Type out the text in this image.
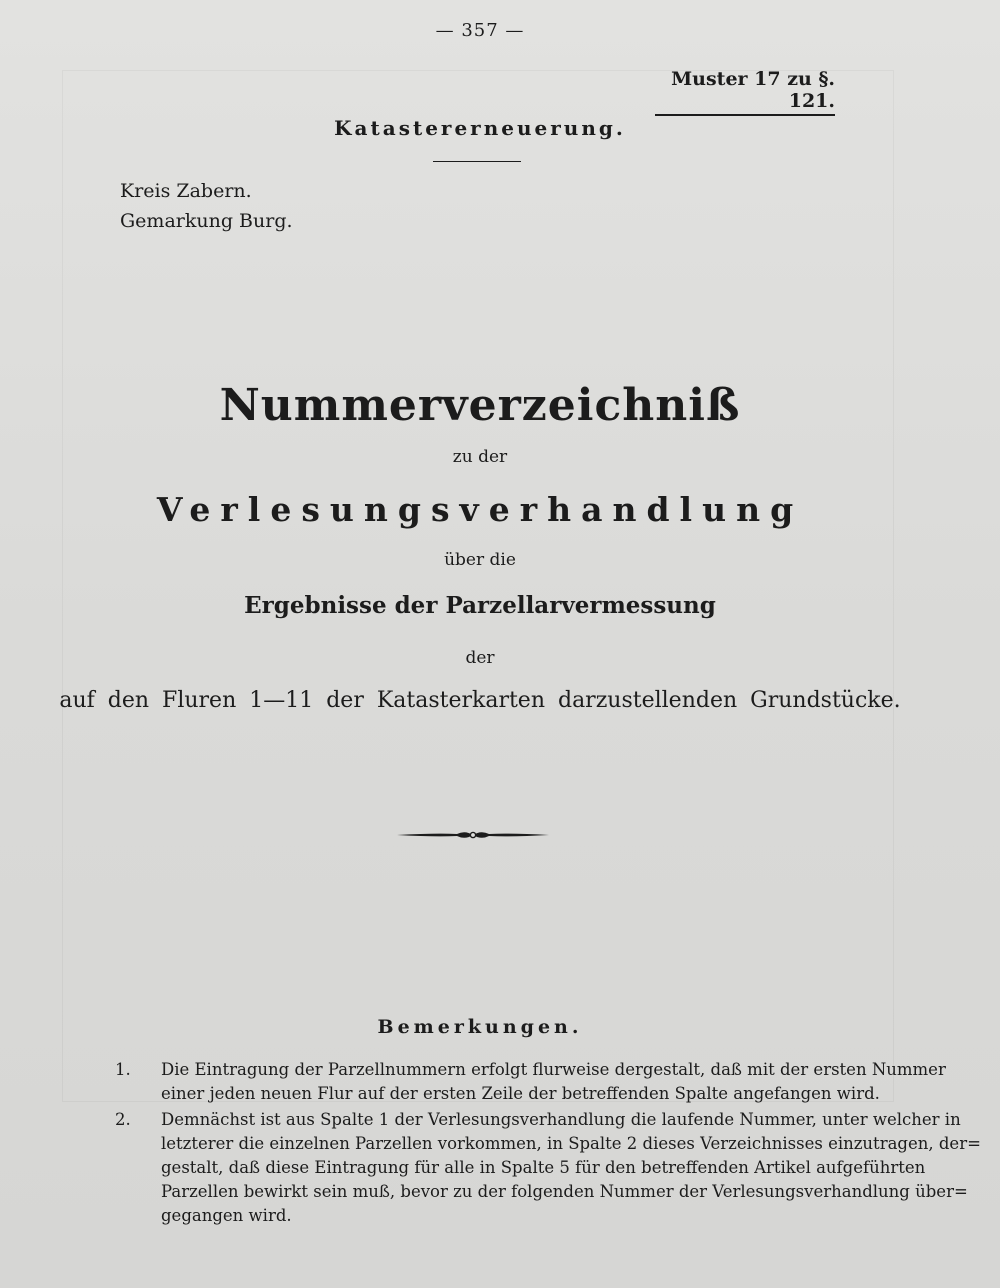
— 357 —
Muster 17 zu §. 121.
Katastererneuerung.
Kreis Zabern.
Gemarkung Burg.
Nummerverzeichniß
zu der
Verlesungsverhandlung
über die
Ergebnisse der Parzellarvermessung
der
auf den Fluren 1—11 der Katasterkarten darzustellenden Grundstücke.
Bemerkungen.
1.	Die Eintragung der Parzellnummern erfolgt flurweise dergestalt, daß mit der ersten Nummer
einer jeden neuen Flur auf der ersten Zeile der betreffenden Spalte angefangen wird.
2.	Demnächst ist aus Spalte 1 der Verlesungsverhandlung die laufende Nummer, unter welcher in
letzterer die einzelnen Parzellen vorkommen, in Spalte 2 dieses Verzeichnisses einzutragen, der=
gestalt, daß diese Eintragung für alle in Spalte 5 für den betreffenden Artikel aufgeführten
Parzellen bewirkt sein muß, bevor zu der folgenden Nummer der Verlesungsverhandlung über=
gegangen wird.
